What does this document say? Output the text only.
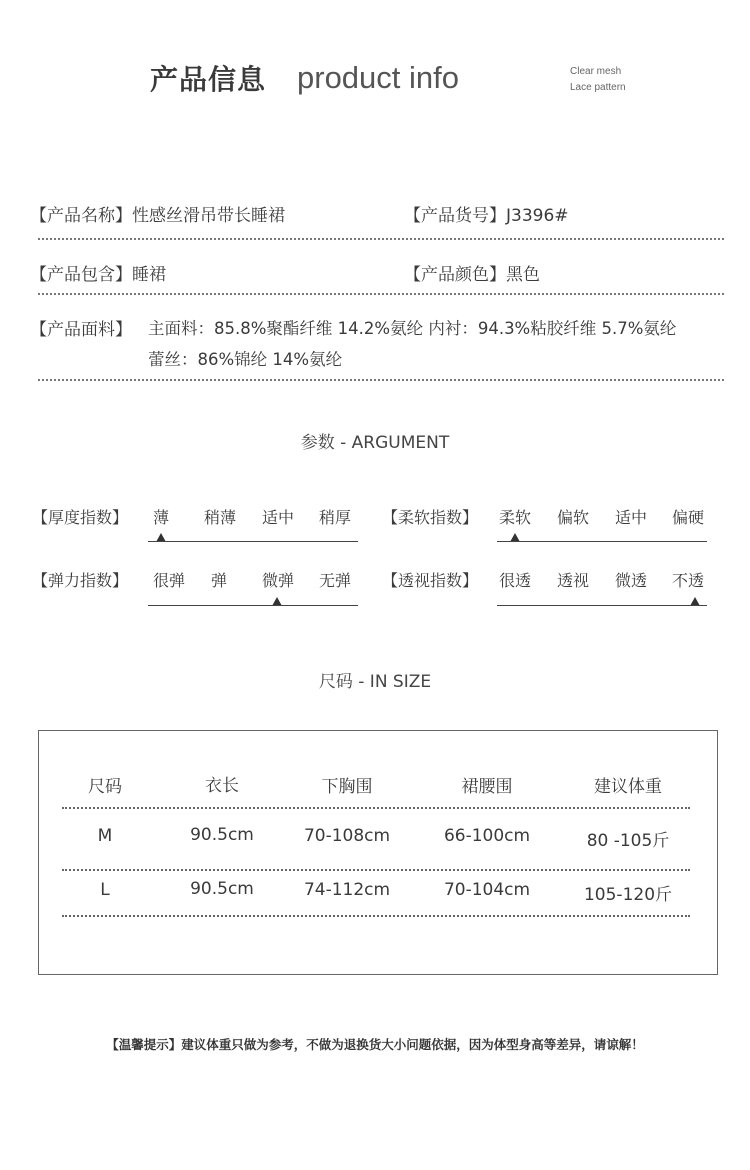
产品信息 product info	Clear mesh
Lace pattern
【产品名称】性感丝滑吊带长睡裙	【产品货号】J3396#
【产品包含】睡裙	【产品颜色】黑色
【产品面料】 主面料：85.8%聚酯纤维 14.2%氨纶 内衬：94.3%粘胶纤维 5.7%氨纶
蕾丝：86%锦纶 14%氨纶
参数 - ARGUMENT
【厚度指数】 薄 稍薄 适中 稍厚 【柔软指数】 柔软 偏软 适中 偏硬
【弹力指数】 很弹 弹 微弹 无弹 【透视指数】 很透 透视 微透 不透
尺码 - IN SIZE
尺码	衣长	下胸围	裙腰围	建议体重
M	90.5cm	70-108cm	66-100cm	80 -105斤
L	90.5cm	74-112cm	70-104cm	105-120斤
【温馨提示】建议体重只做为参考，不做为退换货大小问题依据，因为体型身高等差异，请谅解！
